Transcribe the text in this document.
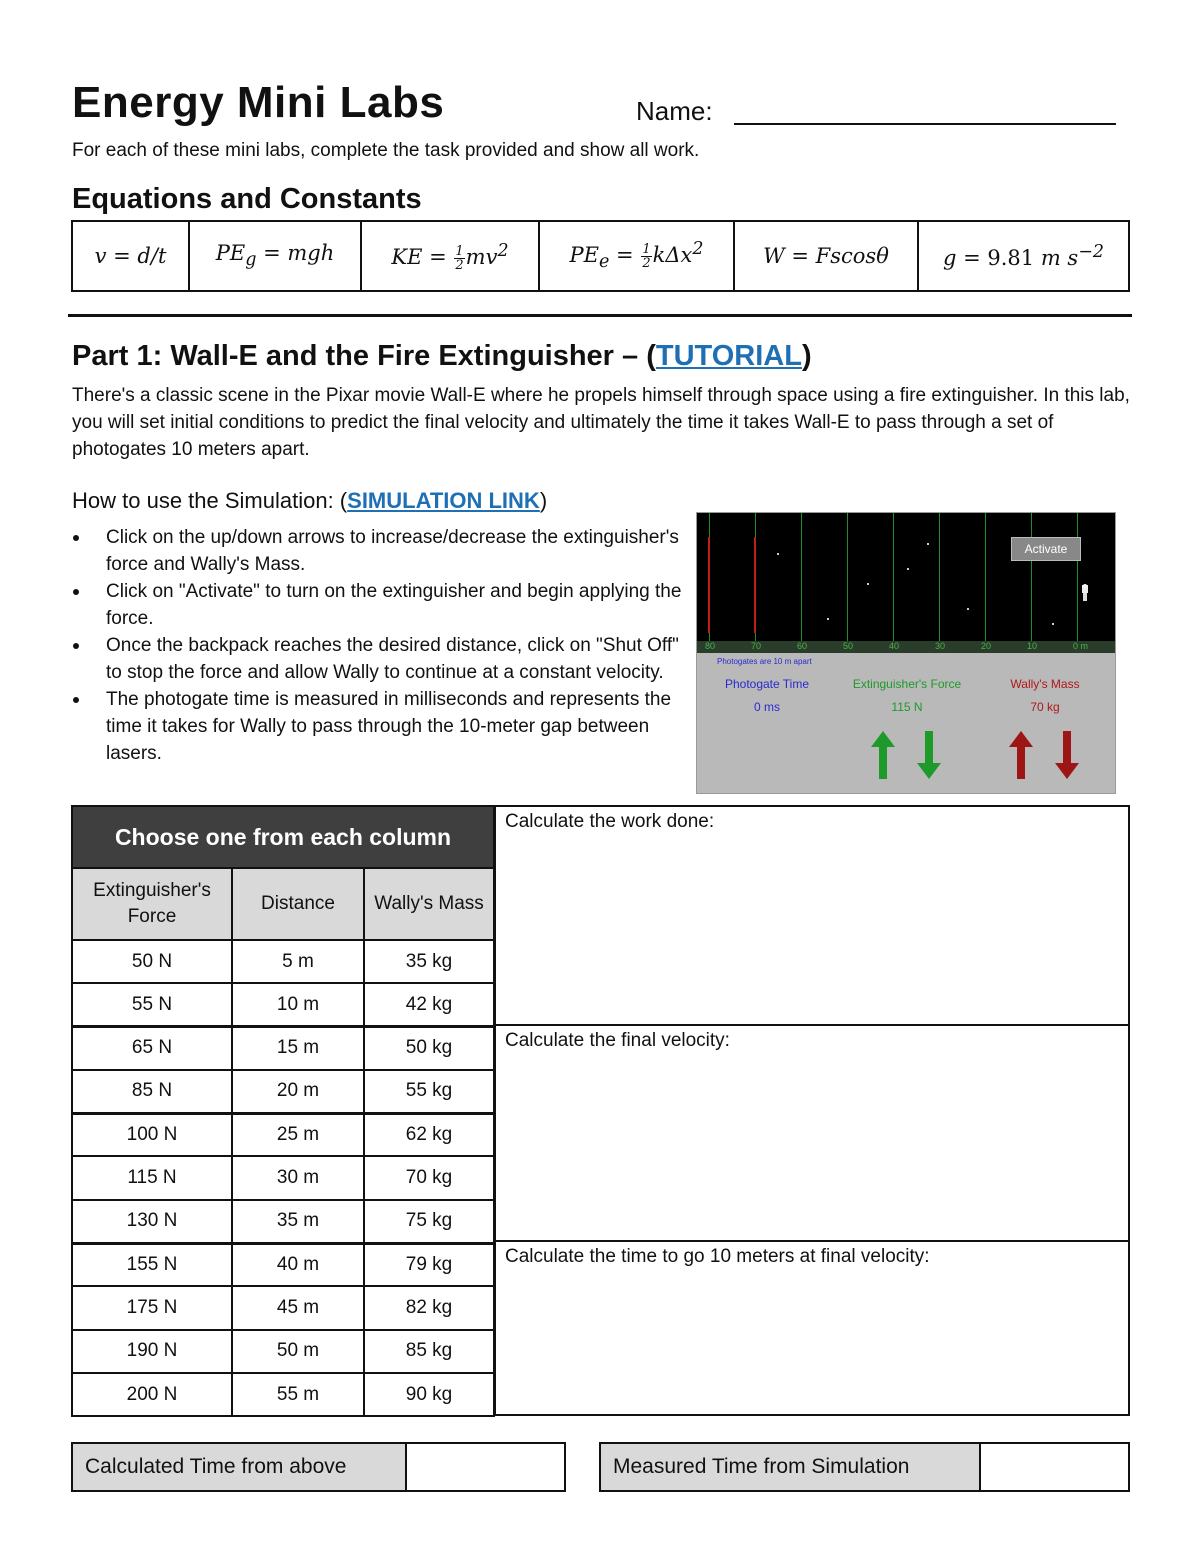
Energy Mini Labs	Name:
For each of these mini labs, complete the task provided and show all work.
Equations and Constants
v = d/t	$PE_g$ = mgh	KE = $\frac{1}{2} mv^2$	$PE_e = \frac{1}{2} k\Delta x^2$	W = Fscosθ	g = 9.81 m $s^{-2}$
Part 1: Wall-E and the Fire Extinguisher – (TUTORIAL)
There's a classic scene in the Pixar movie Wall-E where he propels himself through space using a fire extinguisher. In this lab, you will set initial conditions to predict the final velocity and ultimately the time it takes Wall-E to pass through a set of photogates 10 meters apart.
How to use the Simulation: (SIMULATION LINK)
Click on the up/down arrows to increase/decrease the extinguisher's force and Wally's Mass.
Click on "Activate" to turn on the extinguisher and begin applying the force.
Once the backpack reaches the desired distance, click on "Shut Off" to stop the force and allow Wally to continue at a constant velocity.
The photogate time is measured in milliseconds and represents the time it takes for Wally to pass through the 10-meter gap between lasers.
Activate
80	70	60	50	40	30	20	10	0 m
Photogates are 10 m apart
Photogate Time
0 ms
Extinguisher's Force
115 N
Wally's Mass
70 kg
Choose one from each column		
Extinguisher's Force	Distance	Wally's Mass
50 N	5 m	35 kg
55 N	10 m	42 kg
65 N	15 m	50 kg
85 N	20 m	55 kg
100 N	25 m	62 kg
115 N	30 m	70 kg
130 N	35 m	75 kg
155 N	40 m	79 kg
175 N	45 m	82 kg
190 N	50 m	85 kg
200 N	55 m	90 kg
Calculate the work done:
Calculate the final velocity:
Calculate the time to go 10 meters at final velocity:
Calculated Time from above	Measured Time from Simulation
